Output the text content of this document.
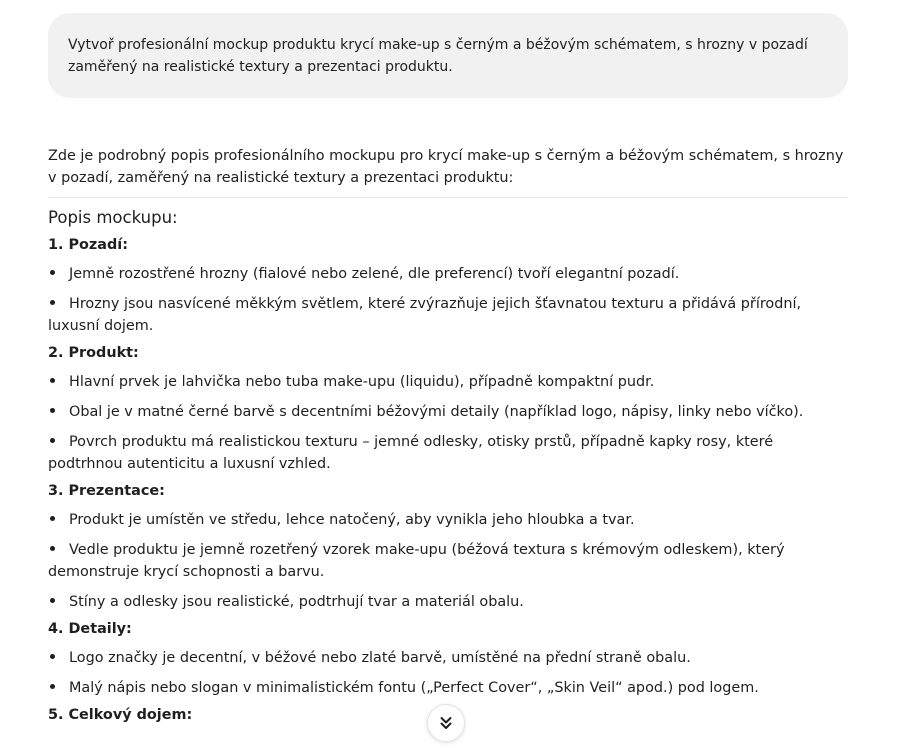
Vytvoř profesionální mockup produktu krycí make-up s černým a béžovým schématem, s hrozny v pozadí zaměřený na realistické textury a prezentaci produktu.

Zde je podrobný popis profesionálního mockupu pro krycí make-up s černým a béžovým schématem, s hrozny v pozadí, zaměřený na realistické textury a prezentaci produktu:

Popis mockupu:
1. Pozadí:
Jemně rozostřené hrozny (fialové nebo zelené, dle preferencí) tvoří elegantní pozadí.
Hrozny jsou nasvícené měkkým světlem, které zvýrazňuje jejich šťavnatou texturu a přidává přírodní, luxusní dojem.
2. Produkt:
Hlavní prvek je lahvička nebo tuba make-upu (liquidu), případně kompaktní pudr.
Obal je v matné černé barvě s decentními béžovými detaily (například logo, nápisy, linky nebo víčko).
Povrch produktu má realistickou texturu – jemné odlesky, otisky prstů, případně kapky rosy, které podtrhnou autenticitu a luxusní vzhled.
3. Prezentace:
Produkt je umístěn ve středu, lehce natočený, aby vynikla jeho hloubka a tvar.
Vedle produktu je jemně rozetřený vzorek make-upu (béžová textura s krémovým odleskem), který demonstruje krycí schopnosti a barvu.
Stíny a odlesky jsou realistické, podtrhují tvar a materiál obalu.
4. Detaily:
Logo značky je decentní, v béžové nebo zlaté barvě, umístěné na přední straně obalu.
Malý nápis nebo slogan v minimalistickém fontu („Perfect Cover“, „Skin Veil“ apod.) pod logem.
5. Celkový dojem:
